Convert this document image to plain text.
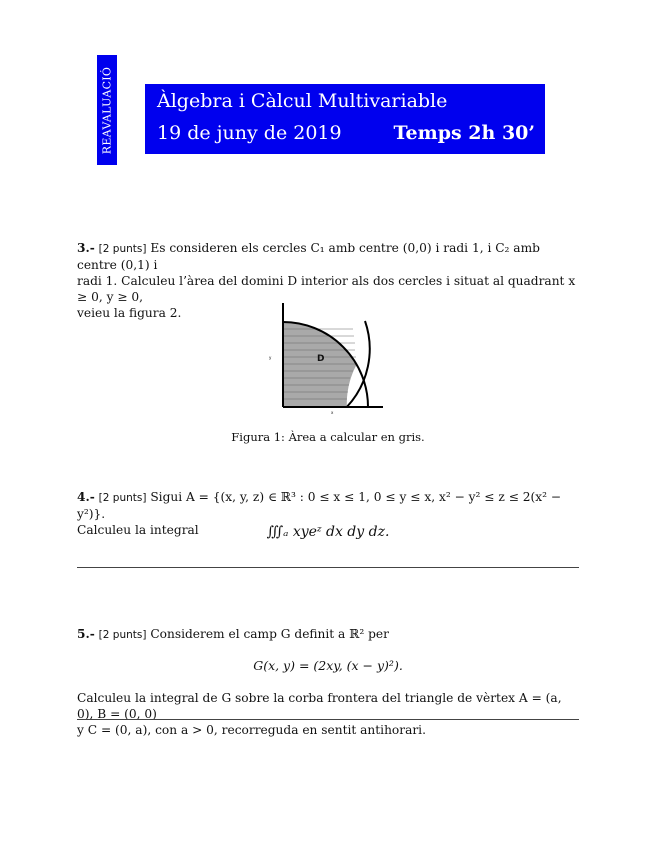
REAVALUACIÓ Àlgebra i Càlcul Multivariable
19 de juny de 2019	Temps 2h 30’
3.- [2 punts] Es consideren els cercles C₁ amb centre (0,0) i radi 1, i C₂ amb centre (0,1) i
radi 1. Calculeu l’àrea del domini D interior als dos cercles i situat al quadrant x ≥ 0, y ≥ 0,
veieu la figura 2.
D
y
x
Figura 1: Àrea a calcular en gris.
4.- [2 punts] Sigui A = {(x, y, z) ∈ ℝ³ : 0 ≤ x ≤ 1, 0 ≤ y ≤ x, x² − y² ≤ z ≤ 2(x² − y²)}.
Calculeu la integral	∭ₐ xyeᶻ dx dy dz.
5.- [2 punts] Considerem el camp G definit a ℝ² per
G(x, y) = (2xy, (x − y)²).
Calculeu la integral de G sobre la corba frontera del triangle de vèrtex A = (a, 0), B = (0, 0)
y C = (0, a), con a > 0, recorreguda en sentit antihorari.
